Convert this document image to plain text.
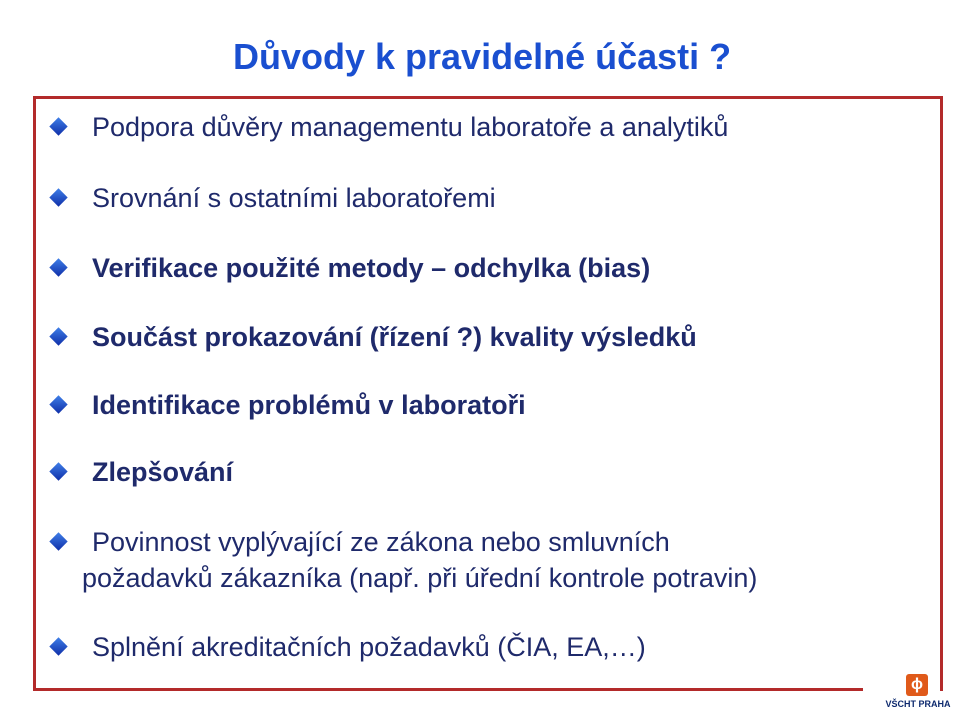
Důvody k pravidelné účasti ?
Podpora důvěry managementu laboratoře a analytiků
Srovnání s ostatními laboratořemi
Verifikace použité metody – odchylka (bias)
Součást prokazování (řízení ?) kvality výsledků
Identifikace problémů v laboratoři
Zlepšování
Povinnost vyplývající ze zákona nebo smluvních
požadavků zákazníka (např. při úřední kontrole potravin)
Splnění akreditačních požadavků (ČIA, EA,…)
ϕ
VŠCHT PRAHA
